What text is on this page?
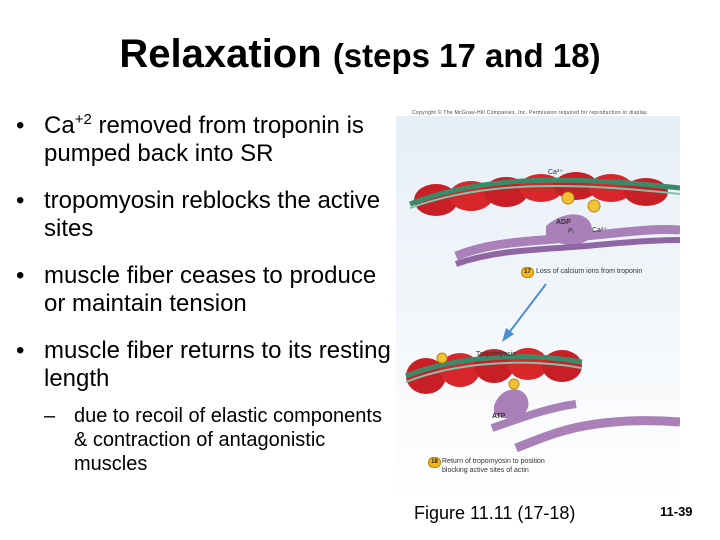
Relaxation (steps 17 and 18)
• $Ca^{+2}$ removed from troponin is pumped back into SR
• tropomyosin reblocks the active sites
• muscle fiber ceases to produce or maintain tension
• muscle fiber returns to its resting length
– due to recoil of elastic components & contraction of antagonistic muscles
Copyright © The McGraw-Hill Companies, Inc. Permission required for reproduction or display.
Ca²⁺
ADP
Pᵢ	Ca²⁺
17 Loss of calcium ions from troponin
Tropomyosin
ATP
18 Return of tropomyosin to position
blocking active sites of actin
Figure 11.11 (17-18)	11-39
